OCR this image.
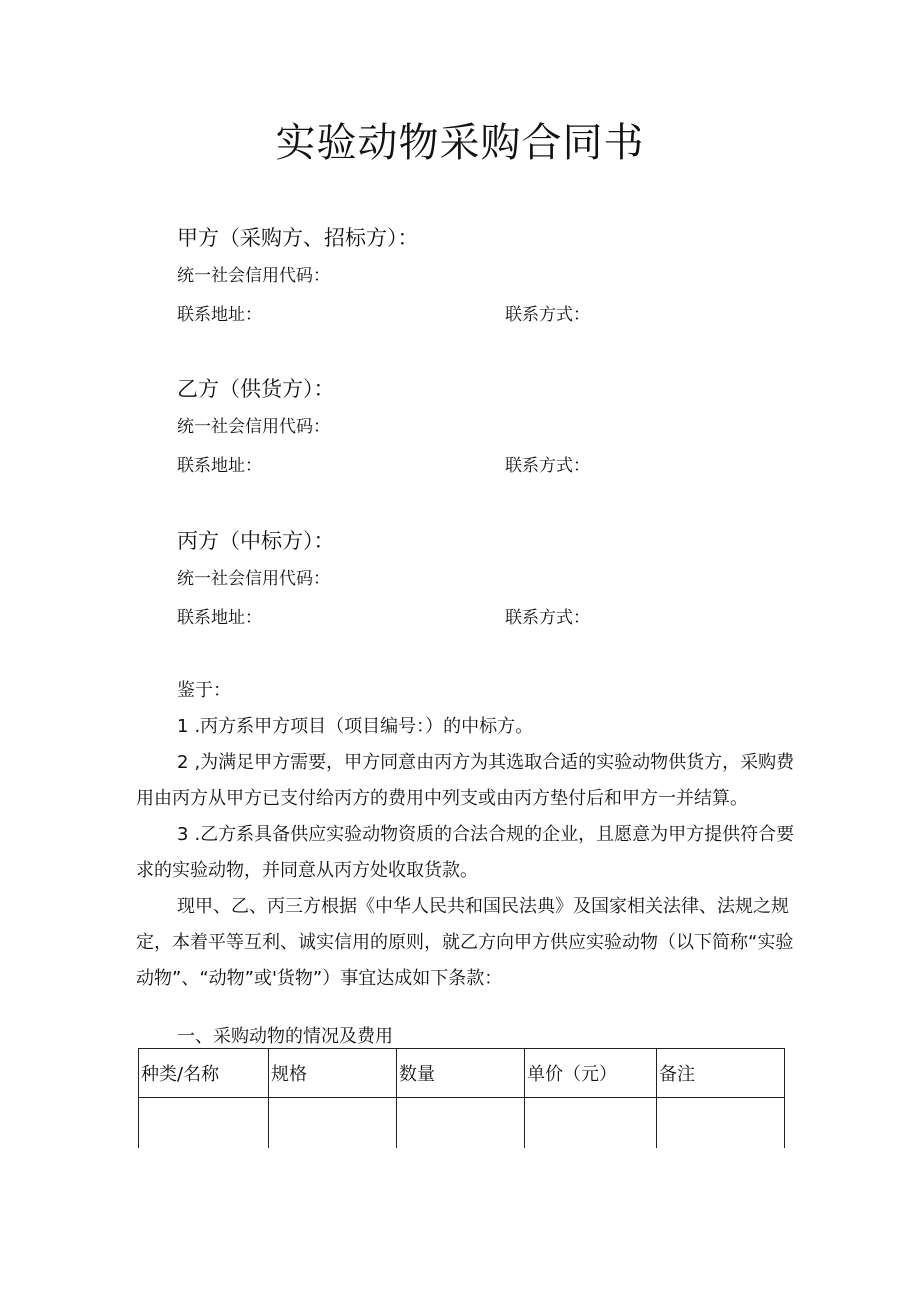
实验动物采购合同书
甲方（采购方、招标方）：
统一社会信用代码：
联系地址：	联系方式：
乙方（供货方）：
统一社会信用代码：
联系地址：	联系方式：
丙方（中标方）：
统一社会信用代码：
联系地址：	联系方式：

鉴于：

1 .丙方系甲方项目（项目编号：）的中标方。

2 ,为满足甲方需要，甲方同意由丙方为其选取合适的实验动物供货方，采购费用由丙方从甲方已支付给丙方的费用中列支或由丙方垫付后和甲方一并结算。

3 .乙方系具备供应实验动物资质的合法合规的企业，且愿意为甲方提供符合要求的实验动物，并同意从丙方处收取货款。

现甲、乙、丙三方根据《中华人民共和国民法典》及国家相关法律、法规之规定，本着平等互利、诚实信用的原则，就乙方向甲方供应实验动物（以下简称“实验动物”、“动物”或'货物”）事宜达成如下条款：

一、采购动物的情况及费用
种类/名称	规格	数量	单价（元）	备注
